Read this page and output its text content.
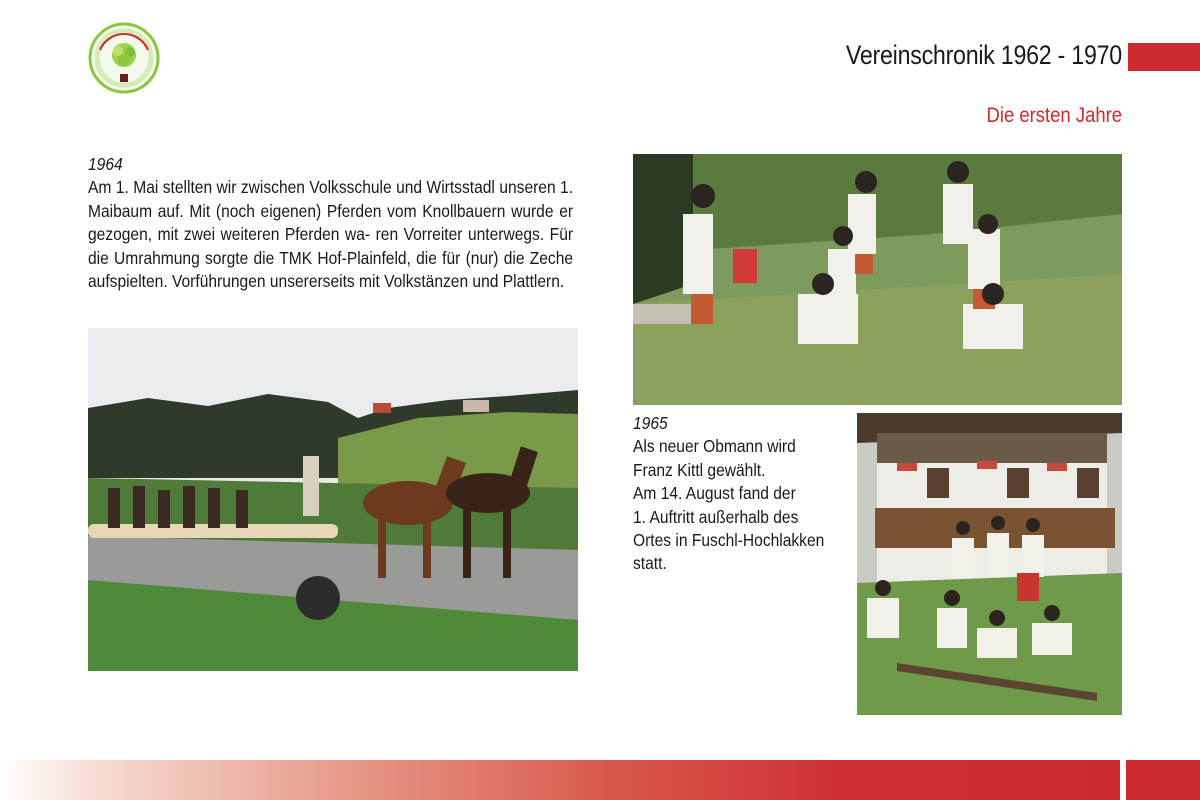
Vereinschronik 1962 - 1970
Die ersten Jahre
1964
Am 1. Mai stellten wir zwischen Volksschule und Wirtsstadl unseren 1. Maibaum auf. Mit (noch eigenen) Pferden vom Knollbauern wurde er gezogen, mit zwei weiteren Pferden wa- ren Vorreiter unterwegs. Für die Umrahmung sorgte die TMK Hof-Plainfeld, die für (nur) die Zeche aufspielten. Vorführungen unsererseits mit Volkstänzen und Plattlern.
1965
Als neuer Obmann wird
Franz Kittl gewählt.
Am 14. August fand der
1. Auftritt außerhalb des
Ortes in Fuschl-Hochlakken
statt.
